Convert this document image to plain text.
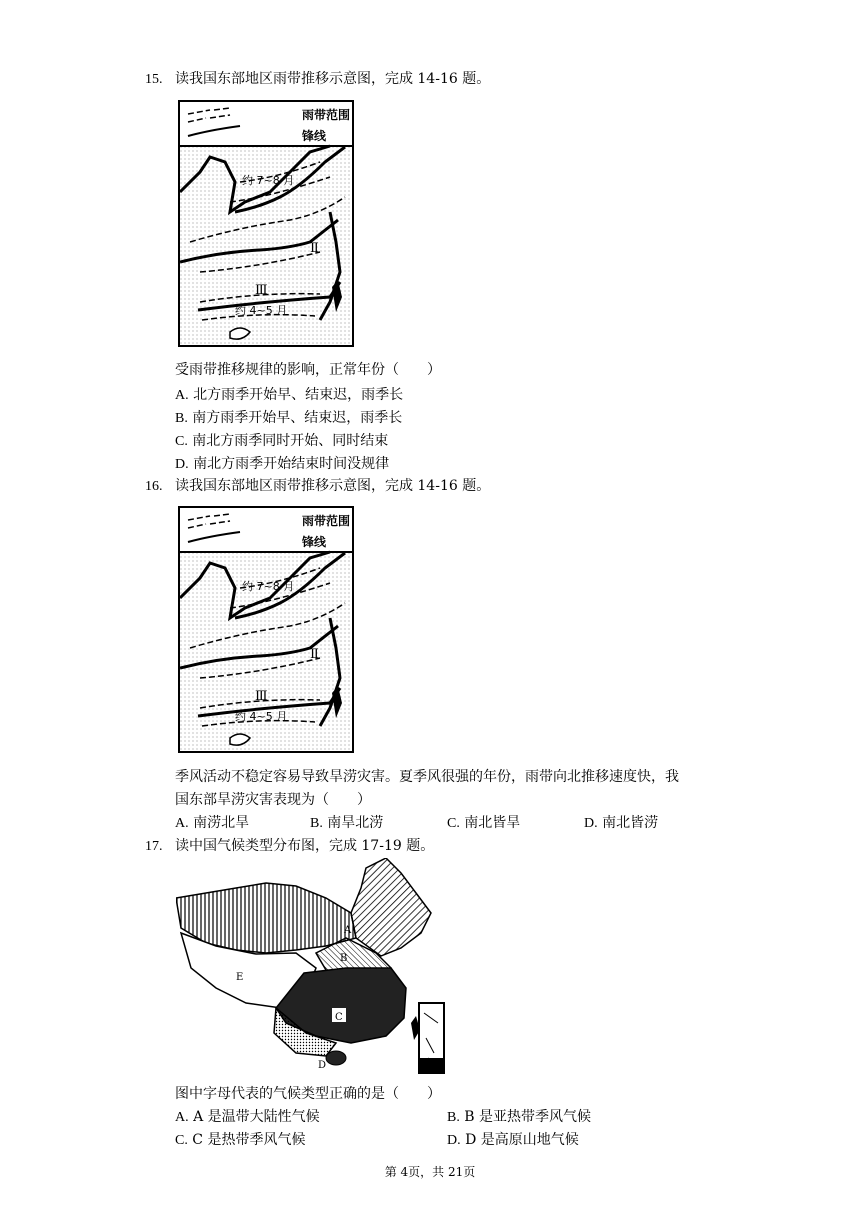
15. 读我国东部地区雨带推移示意图，完成 14-16 题。
雨带范围
锋线
约 7~8 月
Ⅱ
Ⅲ
约 4~5 月
受雨带推移规律的影响，正常年份（　　）
A. 北方雨季开始早、结束迟，雨季长
B. 南方雨季开始早、结束迟，雨季长
C. 南北方雨季同时开始、同时结束
D. 南北方雨季开始结束时间没规律
16. 读我国东部地区雨带推移示意图，完成 14-16 题。
雨带范围
锋线
约 7~8 月
Ⅱ
Ⅲ
约 4~5 月
季风活动不稳定容易导致旱涝灾害。夏季风很强的年份，雨带向北推移速度快，我
国东部旱涝灾害表现为（　　）
A. 南涝北旱	B. 南旱北涝	C. 南北皆旱	D. 南北皆涝
17. 读中国气候类型分布图，完成 17-19 题。
A
B
C
D
E
图中字母代表的气候类型正确的是（　　）
A. A 是温带大陆性气候	B. B 是亚热带季风气候
C. C 是热带季风气候	D. D 是高原山地气候
第 4页，共 21页
